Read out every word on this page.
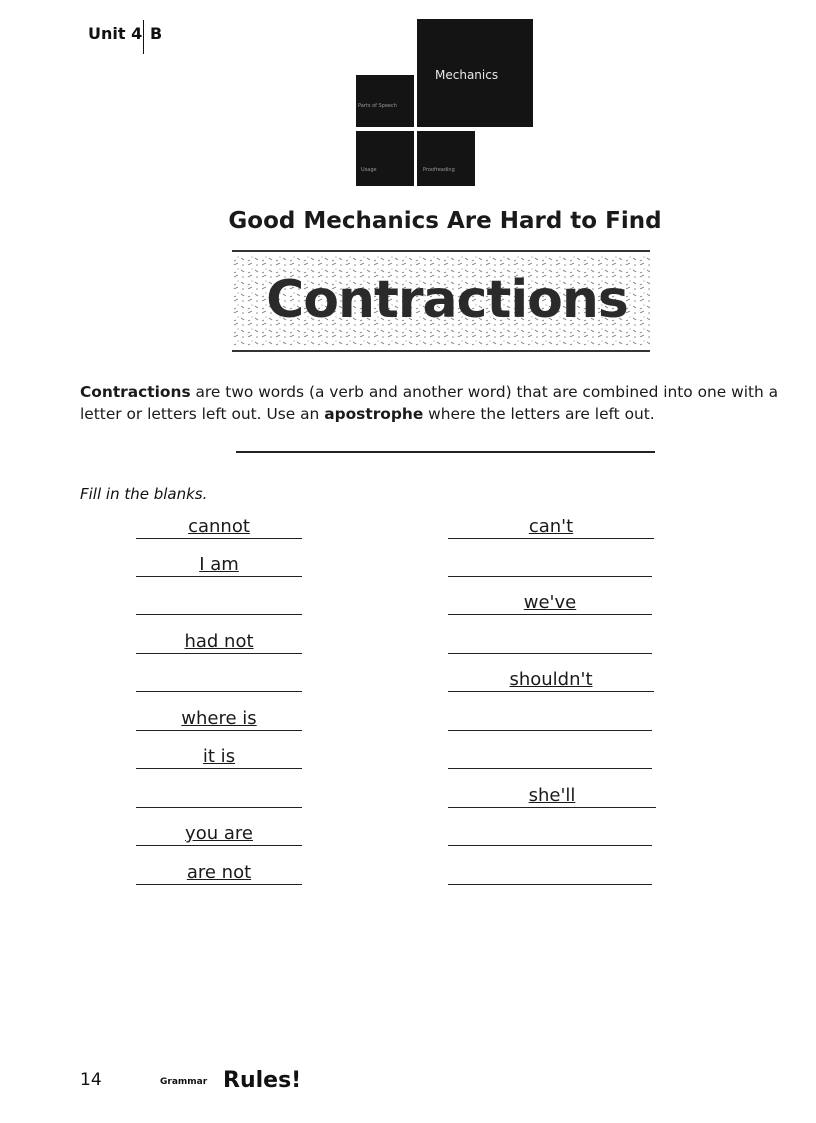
Unit 4 B
Mechanics
Parts of Speech
Usage	Proofreading
Good Mechanics Are Hard to Find
Contractions
Contractions are two words (a verb and another word) that are combined into one with a letter or letters left out. Use an apostrophe where the letters are left out.
Fill in the blanks.
cannot
I am
had not
where is
it is
you are
are not
can't
we've
shouldn't
she'll
14	Grammar Rules!
